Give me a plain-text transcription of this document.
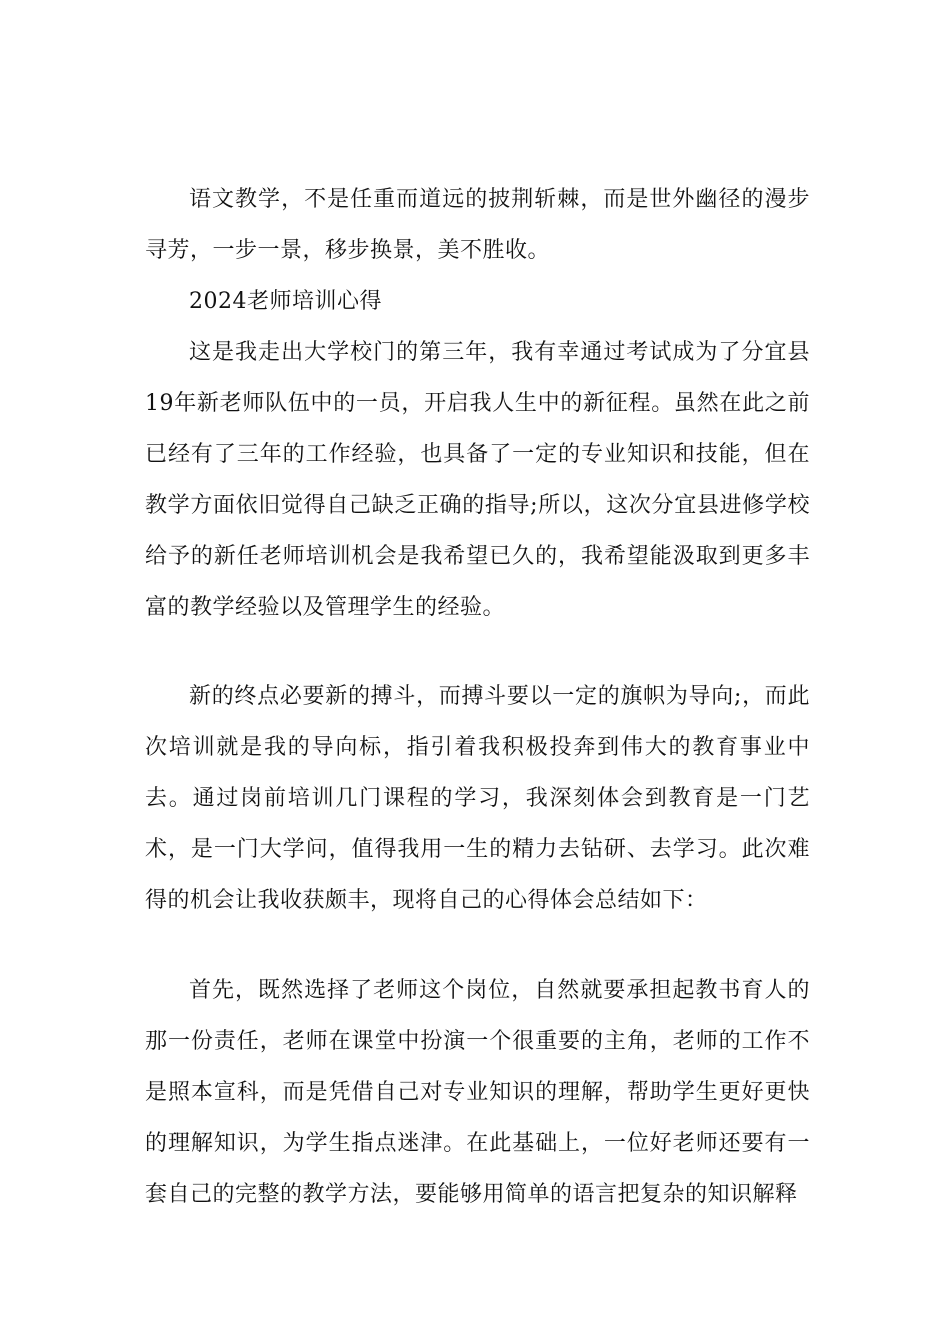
语文教学，不是任重而道远的披荆斩棘，而是世外幽径的漫步寻芳，一步一景，移步换景，美不胜收。

2024老师培训心得

这是我走出大学校门的第三年，我有幸通过考试成为了分宜县19年新老师队伍中的一员，开启我人生中的新征程。虽然在此之前已经有了三年的工作经验，也具备了一定的专业知识和技能，但在教学方面依旧觉得自己缺乏正确的指导;所以，这次分宜县进修学校给予的新任老师培训机会是我希望已久的，我希望能汲取到更多丰富的教学经验以及管理学生的经验。

新的终点必要新的搏斗，而搏斗要以一定的旗帜为导向;，而此次培训就是我的导向标，指引着我积极投奔到伟大的教育事业中去。通过岗前培训几门课程的学习，我深刻体会到教育是一门艺术，是一门大学问，值得我用一生的精力去钻研、去学习。此次难得的机会让我收获颇丰，现将自己的心得体会总结如下：

首先，既然选择了老师这个岗位，自然就要承担起教书育人的那一份责任，老师在课堂中扮演一个很重要的主角，老师的工作不是照本宣科，而是凭借自己对专业知识的理解，帮助学生更好更快的理解知识，为学生指点迷津。在此基础上，一位好老师还要有一套自己的完整的教学方法，要能够用简单的语言把复杂的知识解释
